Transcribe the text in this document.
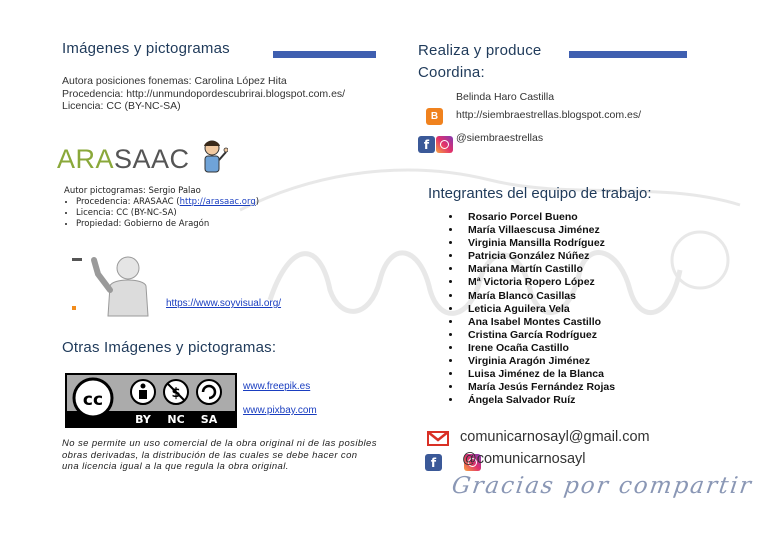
Imágenes y pictogramas
Autora posiciones fonemas: Carolina López Hita
Procedencia: http://unmundopordescubrirai.blogspot.com.es/
Licencia: CC (BY-NC-SA)
ARASAAC
Autor pictogramas: Sergio Palao
• Procedencia: ARASAAC (http://arasaac.org)
• Licencia: CC (BY-NC-SA)
• Propiedad: Gobierno de Aragón
https://www.soyvisual.org/
Otras Imágenes y pictogramas:
cc	$
BY NC SA
www.freepik.es
www.pixbay.com
No se permite un uso comercial de la obra original ni de las posibles obras derivadas, la distribución de las cuales se debe hacer con una licencia igual a la que regula la obra original.
Realiza y produce
Coordina:
Belinda Haro Castilla
B	http://siembraestrellas.blogspot.com.es/
f
	@siembraestrellas
Integrantes del equipo de trabajo:
• Rosario Porcel Bueno
• María Villaescusa Jiménez
• Virginia Mansilla Rodríguez
• Patricia González Núñez
• Mariana Martín Castillo
• Mª Victoria Ropero López
• María Blanco Casillas
• Leticia Aguilera Vela
• Ana Isabel Montes Castillo
• Cristina García Rodríguez
• Irene Ocaña Castillo
• Virginia Aragón Jiménez
• Luisa Jiménez de la Blanca
• María Jesús Fernández Rojas
• Ángela Salvador Ruíz
comunicarnosayl@gmail.com
f	@comunicarnosayl
Gracias por compartir
